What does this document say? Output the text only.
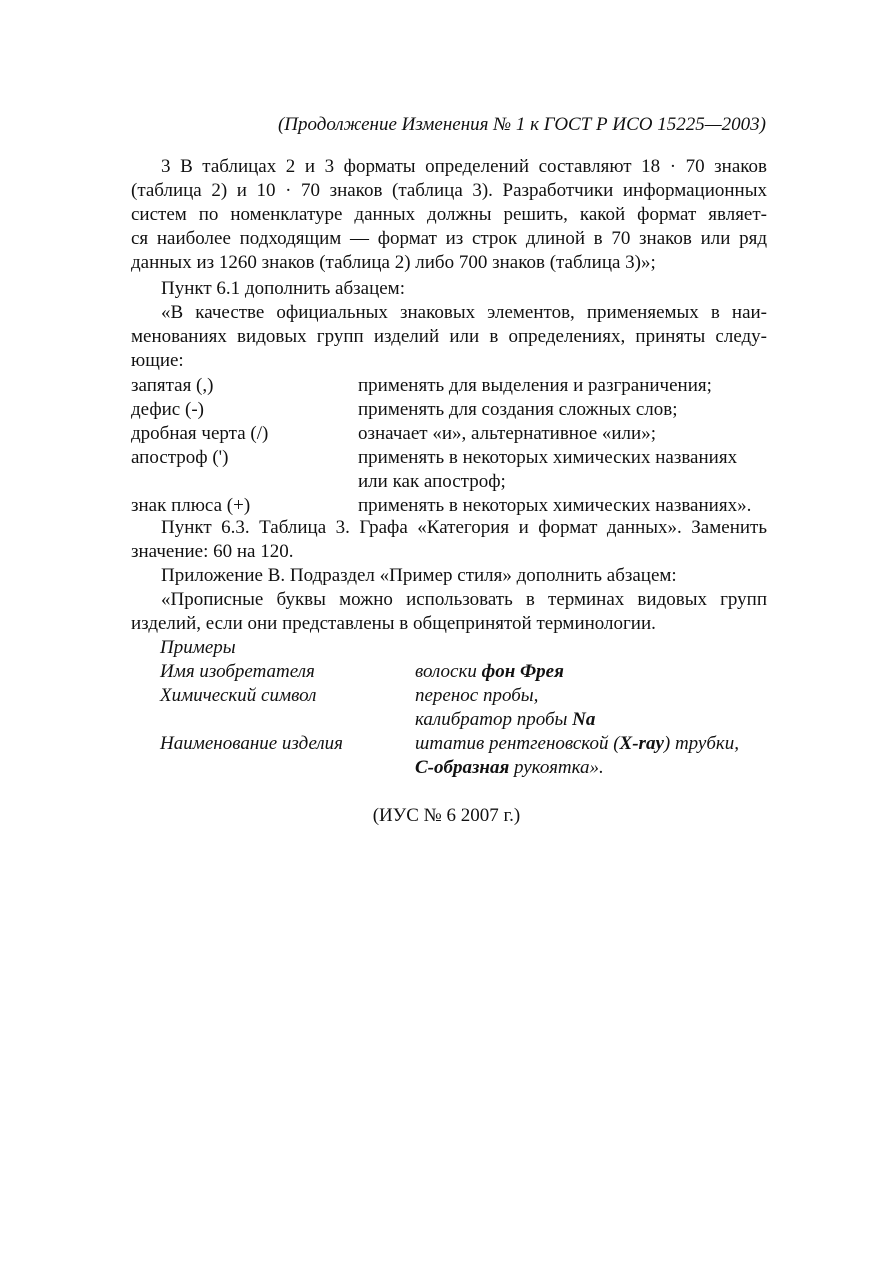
(Продолжение Изменения № 1 к ГОСТ Р ИСО 15225—2003)
3 В таблицах 2 и 3 форматы определений составляют 18 · 70 знаков
(таблица 2) и 10 · 70 знаков (таблица 3). Разработчики информационных
систем по номенклатуре данных должны решить, какой формат являет-
ся наиболее подходящим — формат из строк длиной в 70 знаков или ряд
данных из 1260 знаков (таблица 2) либо 700 знаков (таблица 3)»;
Пункт 6.1 дополнить абзацем:
«В качестве официальных знаковых элементов, применяемых в наи-
менованиях видовых групп изделий или в определениях, приняты следу-
ющие:
запятая (,)	применять для выделения и разграничения;
дефис (-)	применять для создания сложных слов;
дробная черта (/)	означает «и», альтернативное «или»;
апостроф (')	применять в некоторых химических названиях
или как апостроф;
знак плюса (+)	применять в некоторых химических названиях».
Пункт 6.3. Таблица 3. Графа «Категория и формат данных». Заменить
значение: 60 на 120.
Приложение В. Подраздел «Пример стиля» дополнить абзацем:
«Прописные буквы можно использовать в терминах видовых групп
изделий, если они представлены в общепринятой терминологии.
Примеры
Имя изобретателя	волоски фон Фрея
Химический символ	перенос пробы,
калибратор пробы Na
Наименование изделия	штатив рентгеновской (X-ray) трубки,
С-образная рукоятка».
(ИУС № 6 2007 г.)
